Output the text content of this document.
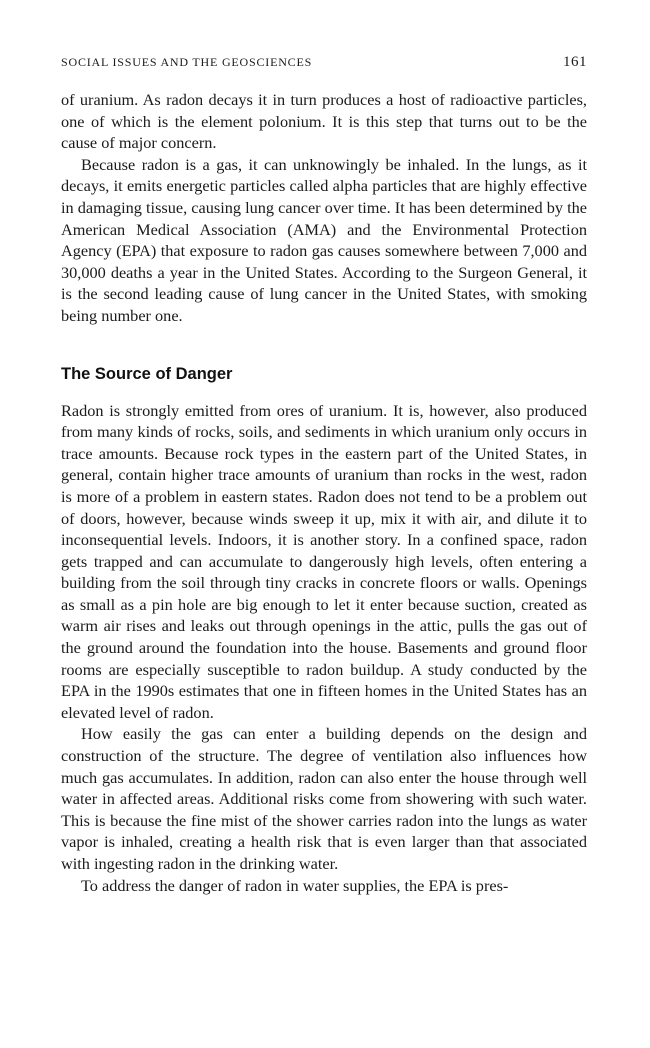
SOCIAL ISSUES AND THE GEOSCIENCES	161

of uranium. As radon decays it in turn produces a host of radioactive particles, one of which is the element polonium. It is this step that turns out to be the cause of major concern.

Because radon is a gas, it can unknowingly be inhaled. In the lungs, as it decays, it emits energetic particles called alpha particles that are highly effective in damaging tissue, causing lung cancer over time. It has been determined by the American Medical Association (AMA) and the Environmental Protection Agency (EPA) that exposure to radon gas causes somewhere between 7,000 and 30,000 deaths a year in the United States. According to the Surgeon General, it is the second leading cause of lung cancer in the United States, with smoking being number one.

The Source of Danger

Radon is strongly emitted from ores of uranium. It is, however, also produced from many kinds of rocks, soils, and sediments in which uranium only occurs in trace amounts. Because rock types in the eastern part of the United States, in general, contain higher trace amounts of uranium than rocks in the west, radon is more of a problem in eastern states. Radon does not tend to be a problem out of doors, however, because winds sweep it up, mix it with air, and dilute it to inconsequential levels. Indoors, it is another story. In a confined space, radon gets trapped and can accumulate to dangerously high levels, often entering a building from the soil through tiny cracks in concrete floors or walls. Openings as small as a pin hole are big enough to let it enter because suction, created as warm air rises and leaks out through openings in the attic, pulls the gas out of the ground around the foundation into the house. Basements and ground floor rooms are especially susceptible to radon buildup. A study conducted by the EPA in the 1990s estimates that one in fifteen homes in the United States has an elevated level of radon.

How easily the gas can enter a building depends on the design and construction of the structure. The degree of ventilation also influences how much gas accumulates. In addition, radon can also enter the house through well water in affected areas. Additional risks come from showering with such water. This is because the fine mist of the shower carries radon into the lungs as water vapor is inhaled, creating a health risk that is even larger than that associated with ingesting radon in the drinking water.

To address the danger of radon in water supplies, the EPA is pres-
